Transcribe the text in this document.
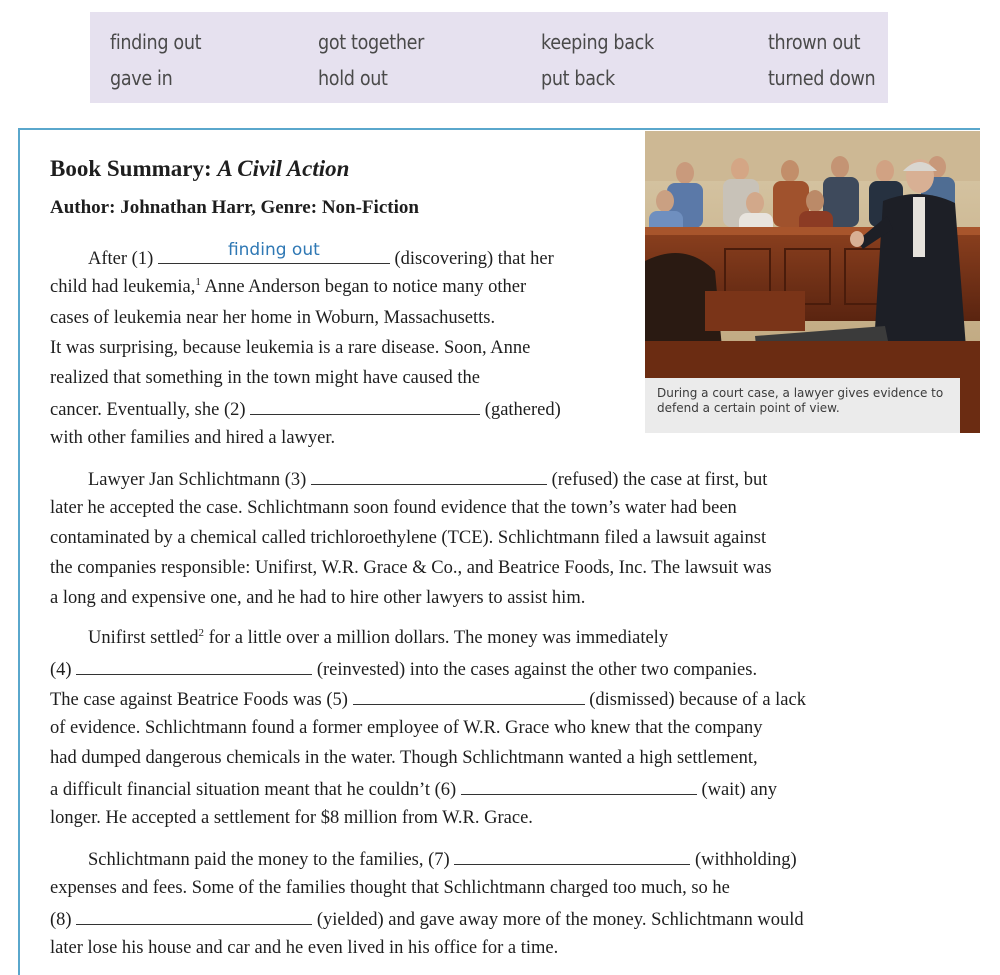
finding out	got together	keeping back	thrown out
gave in	hold out	put back	turned down
Book Summary: A Civil Action
Author: Johnathan Harr, Genre: Non-Fiction
After (1)	finding out	(discovering) that her
child had leukemia,$^1$ Anne Anderson began to notice many other
cases of leukemia near her home in Woburn, Massachusetts.
It was surprising, because leukemia is a rare disease. Soon, Anne
realized that something in the town might have caused the
cancer. Eventually, she (2)	(gathered)
with other families and hired a lawyer.
Lawyer Jan Schlichtmann (3)	(refused) the case at first, but
later he accepted the case. Schlichtmann soon found evidence that the town’s water had been
contaminated by a chemical called trichloroethylene (TCE). Schlichtmann filed a lawsuit against
the companies responsible: Unifirst, W.R. Grace & Co., and Beatrice Foods, Inc. The lawsuit was
a long and expensive one, and he had to hire other lawyers to assist him.
Unifirst settled$^2$ for a little over a million dollars. The money was immediately
(4)	(reinvested) into the cases against the other two companies.
The case against Beatrice Foods was (5)	(dismissed) because of a lack
of evidence. Schlichtmann found a former employee of W.R. Grace who knew that the company
had dumped dangerous chemicals in the water. Though Schlichtmann wanted a high settlement,
a difficult financial situation meant that he couldn’t (6)	(wait) any
longer. He accepted a settlement for $8 million from W.R. Grace.
Schlichtmann paid the money to the families, (7)	(withholding)
expenses and fees. Some of the families thought that Schlichtmann charged too much, so he
(8)	(yielded) and gave away more of the money. Schlichtmann would
later lose his house and car and he even lived in his office for a time.
During a court case, a lawyer gives evidence to defend a certain point of view.
